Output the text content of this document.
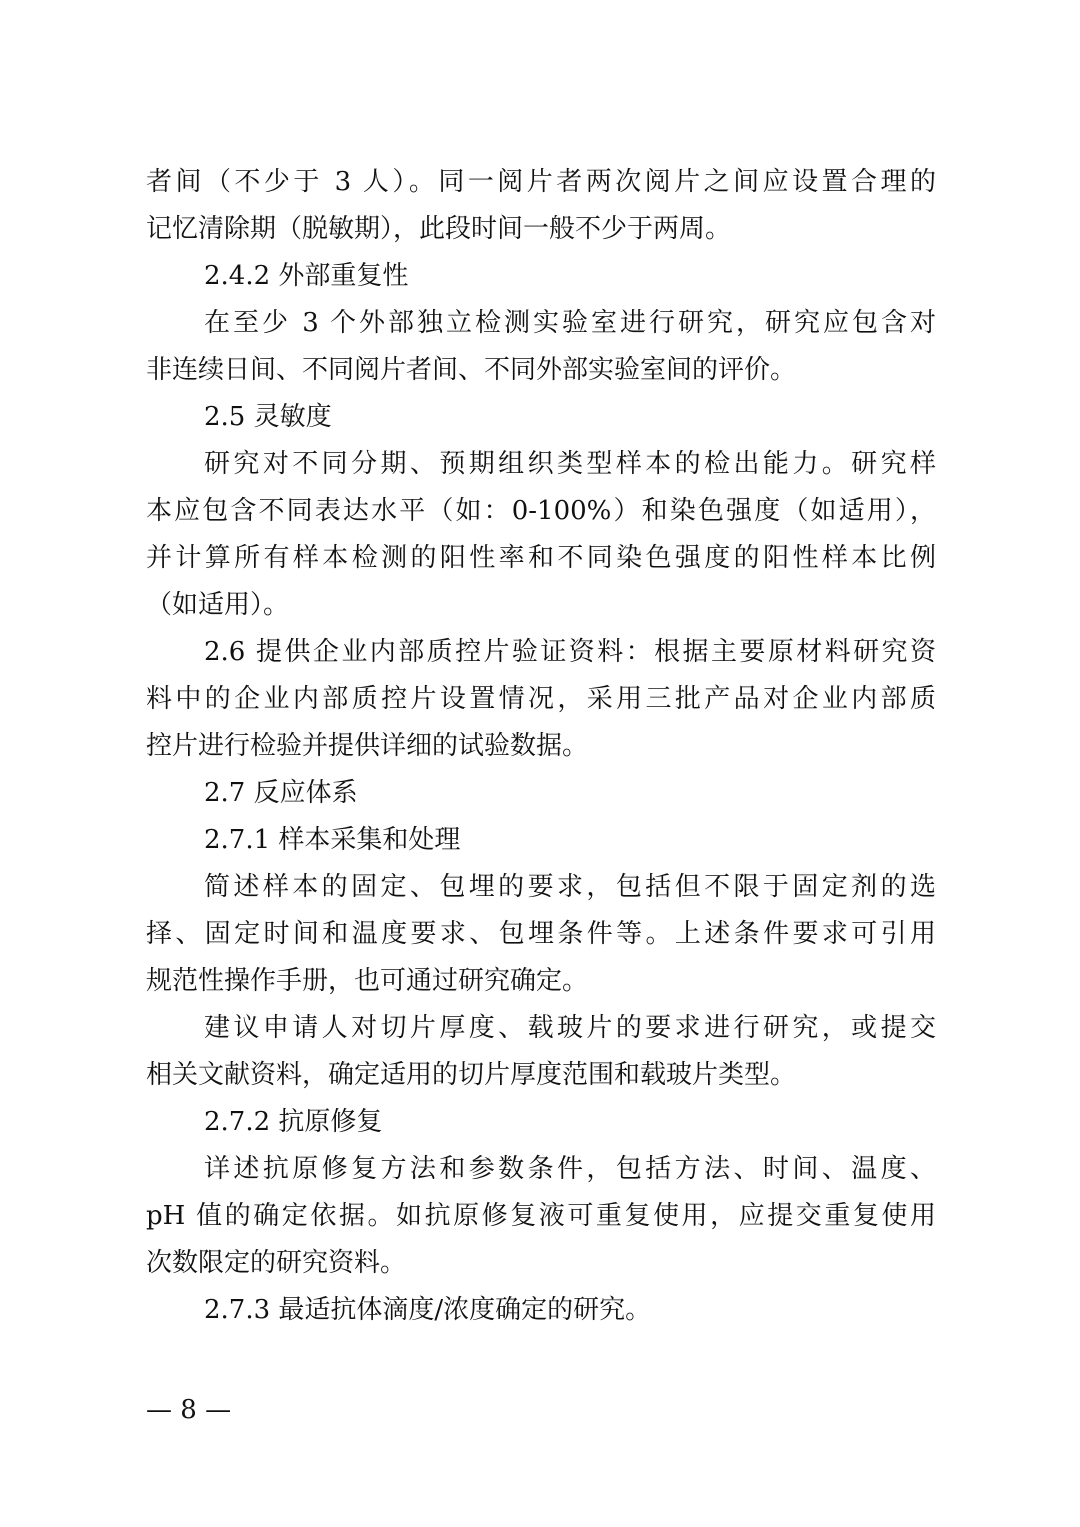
者间（不少于 3 人）。同一阅片者两次阅片之间应设置合理的
记忆清除期（脱敏期），此段时间一般不少于两周。
2.4.2 外部重复性
在至少 3 个外部独立检测实验室进行研究，研究应包含对
非连续日间、不同阅片者间、不同外部实验室间的评价。
2.5 灵敏度
研究对不同分期、预期组织类型样本的检出能力。研究样
本应包含不同表达水平（如：0-100%）和染色强度（如适用），
并计算所有样本检测的阳性率和不同染色强度的阳性样本比例
（如适用）。
2.6 提供企业内部质控片验证资料：根据主要原材料研究资
料中的企业内部质控片设置情况，采用三批产品对企业内部质
控片进行检验并提供详细的试验数据。
2.7 反应体系
2.7.1 样本采集和处理
简述样本的固定、包埋的要求，包括但不限于固定剂的选
择、固定时间和温度要求、包埋条件等。上述条件要求可引用
规范性操作手册，也可通过研究确定。
建议申请人对切片厚度、载玻片的要求进行研究，或提交
相关文献资料，确定适用的切片厚度范围和载玻片类型。
2.7.2 抗原修复
详述抗原修复方法和参数条件，包括方法、时间、温度、
pH 值的确定依据。如抗原修复液可重复使用，应提交重复使用
次数限定的研究资料。
2.7.3 最适抗体滴度/浓度确定的研究。
— 8 —
